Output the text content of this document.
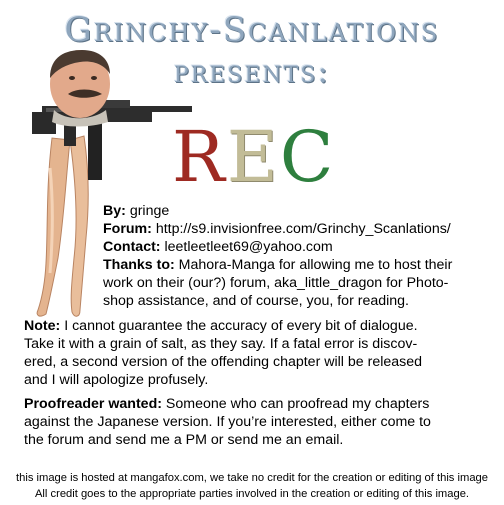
Grinchy-Scanlations
presents:
REC
By: gringe
Forum: http://s9.invisionfree.com/Grinchy_Scanlations/
Contact: leetleetleet69@yahoo.com
Thanks to: Mahora-Manga for allowing me to host their
work on their (our?) forum, aka_little_dragon for Photo-
shop assistance, and of course, you, for reading.
Note: I cannot guarantee the accuracy of every bit of dialogue.
Take it with a grain of salt, as they say. If a fatal error is discov-
ered, a second version of the offending chapter will be released
and I will apologize profusely.
Proofreader wanted: Someone who can proofread my chapters
against the Japanese version. If you’re interested, either come to
the forum and send me a PM or send me an email.
this image is hosted at mangafox.com, we take no credit for the creation or editing of this image
All credit goes to the appropriate parties involved in the creation or editing of this image.
